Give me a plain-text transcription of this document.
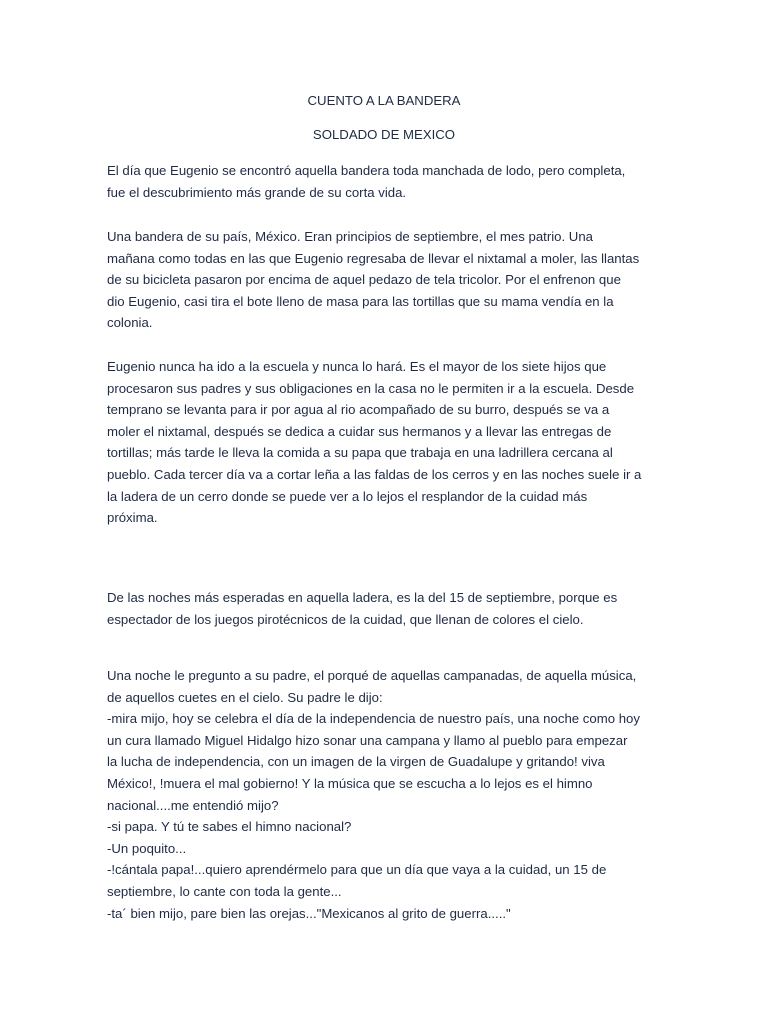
CUENTO A LA BANDERA
SOLDADO DE MEXICO
El día que Eugenio se encontró aquella bandera toda manchada de lodo, pero completa,
fue el descubrimiento más grande de su corta vida.
Una bandera de su país, México. Eran principios de septiembre, el mes patrio. Una
mañana como todas en las que Eugenio regresaba de llevar el nixtamal a moler, las llantas
de su bicicleta pasaron por encima de aquel pedazo de tela tricolor. Por el enfrenon que
dio Eugenio, casi tira el bote lleno de masa para las tortillas que su mama vendía en la
colonia.
Eugenio nunca ha ido a la escuela y nunca lo hará. Es el mayor de los siete hijos que
procesaron sus padres y sus obligaciones en la casa no le permiten ir a la escuela. Desde
temprano se levanta para ir por agua al rio acompañado de su burro, después se va a
moler el nixtamal, después se dedica a cuidar sus hermanos y a llevar las entregas de
tortillas; más tarde le lleva la comida a su papa que trabaja en una ladrillera cercana al
pueblo. Cada tercer día va a cortar leña a las faldas de los cerros y en las noches suele ir a
la ladera de un cerro donde se puede ver a lo lejos el resplandor de la cuidad más
próxima.
De las noches más esperadas en aquella ladera, es la del 15 de septiembre, porque es
espectador de los juegos pirotécnicos de la cuidad, que llenan de colores el cielo.
Una noche le pregunto a su padre, el porqué de aquellas campanadas, de aquella música,
de aquellos cuetes en el cielo. Su padre le dijo:
-mira mijo, hoy se celebra el día de la independencia de nuestro país, una noche como hoy
un cura llamado Miguel Hidalgo hizo sonar una campana y llamo al pueblo para empezar
la lucha de independencia, con un imagen de la virgen de Guadalupe y gritando! viva
México!, !muera el mal gobierno! Y la música que se escucha a lo lejos es el himno
nacional....me entendió mijo?
-si papa. Y tú te sabes el himno nacional?
-Un poquito...
-!cántala papa!...quiero aprendérmelo para que un día que vaya a la cuidad, un 15 de
septiembre, lo cante con toda la gente...
-ta´ bien mijo, pare bien las orejas..."Mexicanos al grito de guerra....."
